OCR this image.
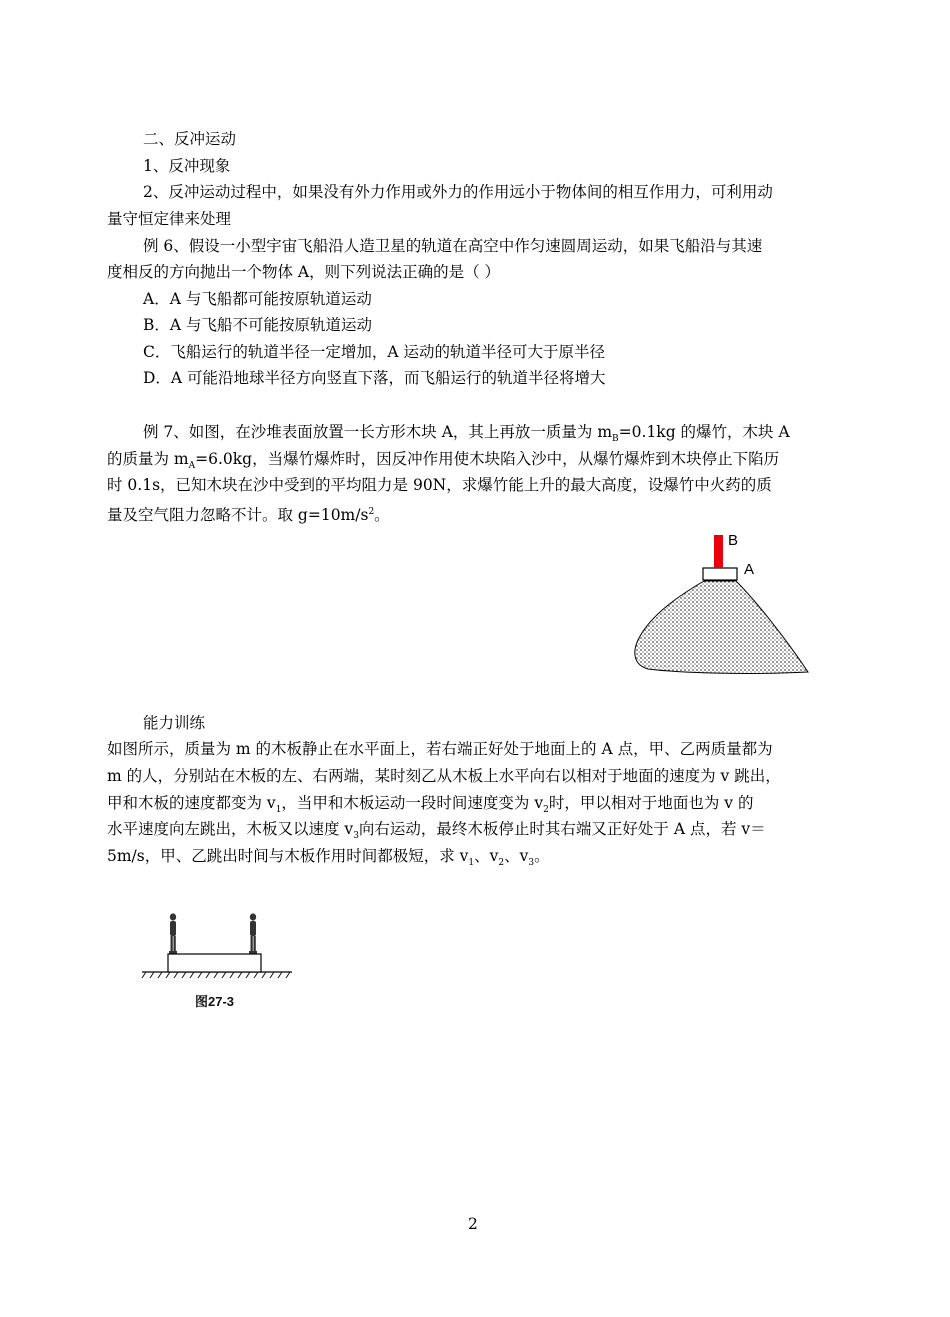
二、反冲运动
1、反冲现象
2、反冲运动过程中，如果没有外力作用或外力的作用远小于物体间的相互作用力，可利用动
量守恒定律来处理
例 6、假设一小型宇宙飞船沿人造卫星的轨道在高空中作匀速圆周运动，如果飞船沿与其速
度相反的方向抛出一个物体 A，则下列说法正确的是（ ）
A．A 与飞船都可能按原轨道运动
B．A 与飞船不可能按原轨道运动
C．飞船运行的轨道半径一定增加，A 运动的轨道半径可大于原半径
D．A 可能沿地球半径方向竖直下落，而飞船运行的轨道半径将增大
例 7、如图，在沙堆表面放置一长方形木块 A，其上再放一质量为 $m_B=0.1kg$ 的爆竹，木块 A
的质量为 $m_A=6.0kg$，当爆竹爆炸时，因反冲作用使木块陷入沙中，从爆竹爆炸到木块停止下陷历
时 0.1s，已知木块在沙中受到的平均阻力是 90N，求爆竹能上升的最大高度，设爆竹中火药的质
量及空气阻力忽略不计。取 $g=10m/s^2$。
B
A
能力训练
如图所示，质量为 m 的木板静止在水平面上，若右端正好处于地面上的 A 点，甲、乙两质量都为
m 的人，分别站在木板的左、右两端，某时刻乙从木板上水平向右以相对于地面的速度为 v 跳出，
甲和木板的速度都变为 $v_1$，当甲和木板运动一段时间速度变为 $v_2$时，甲以相对于地面也为 v 的
水平速度向左跳出，木板又以速度 $v_3$向右运动，最终木板停止时其右端又正好处于 A 点，若 v＝
5m/s，甲、乙跳出时间与木板作用时间都极短，求 $v_1$、$v_2$、$v_3$。
图27-3
2
